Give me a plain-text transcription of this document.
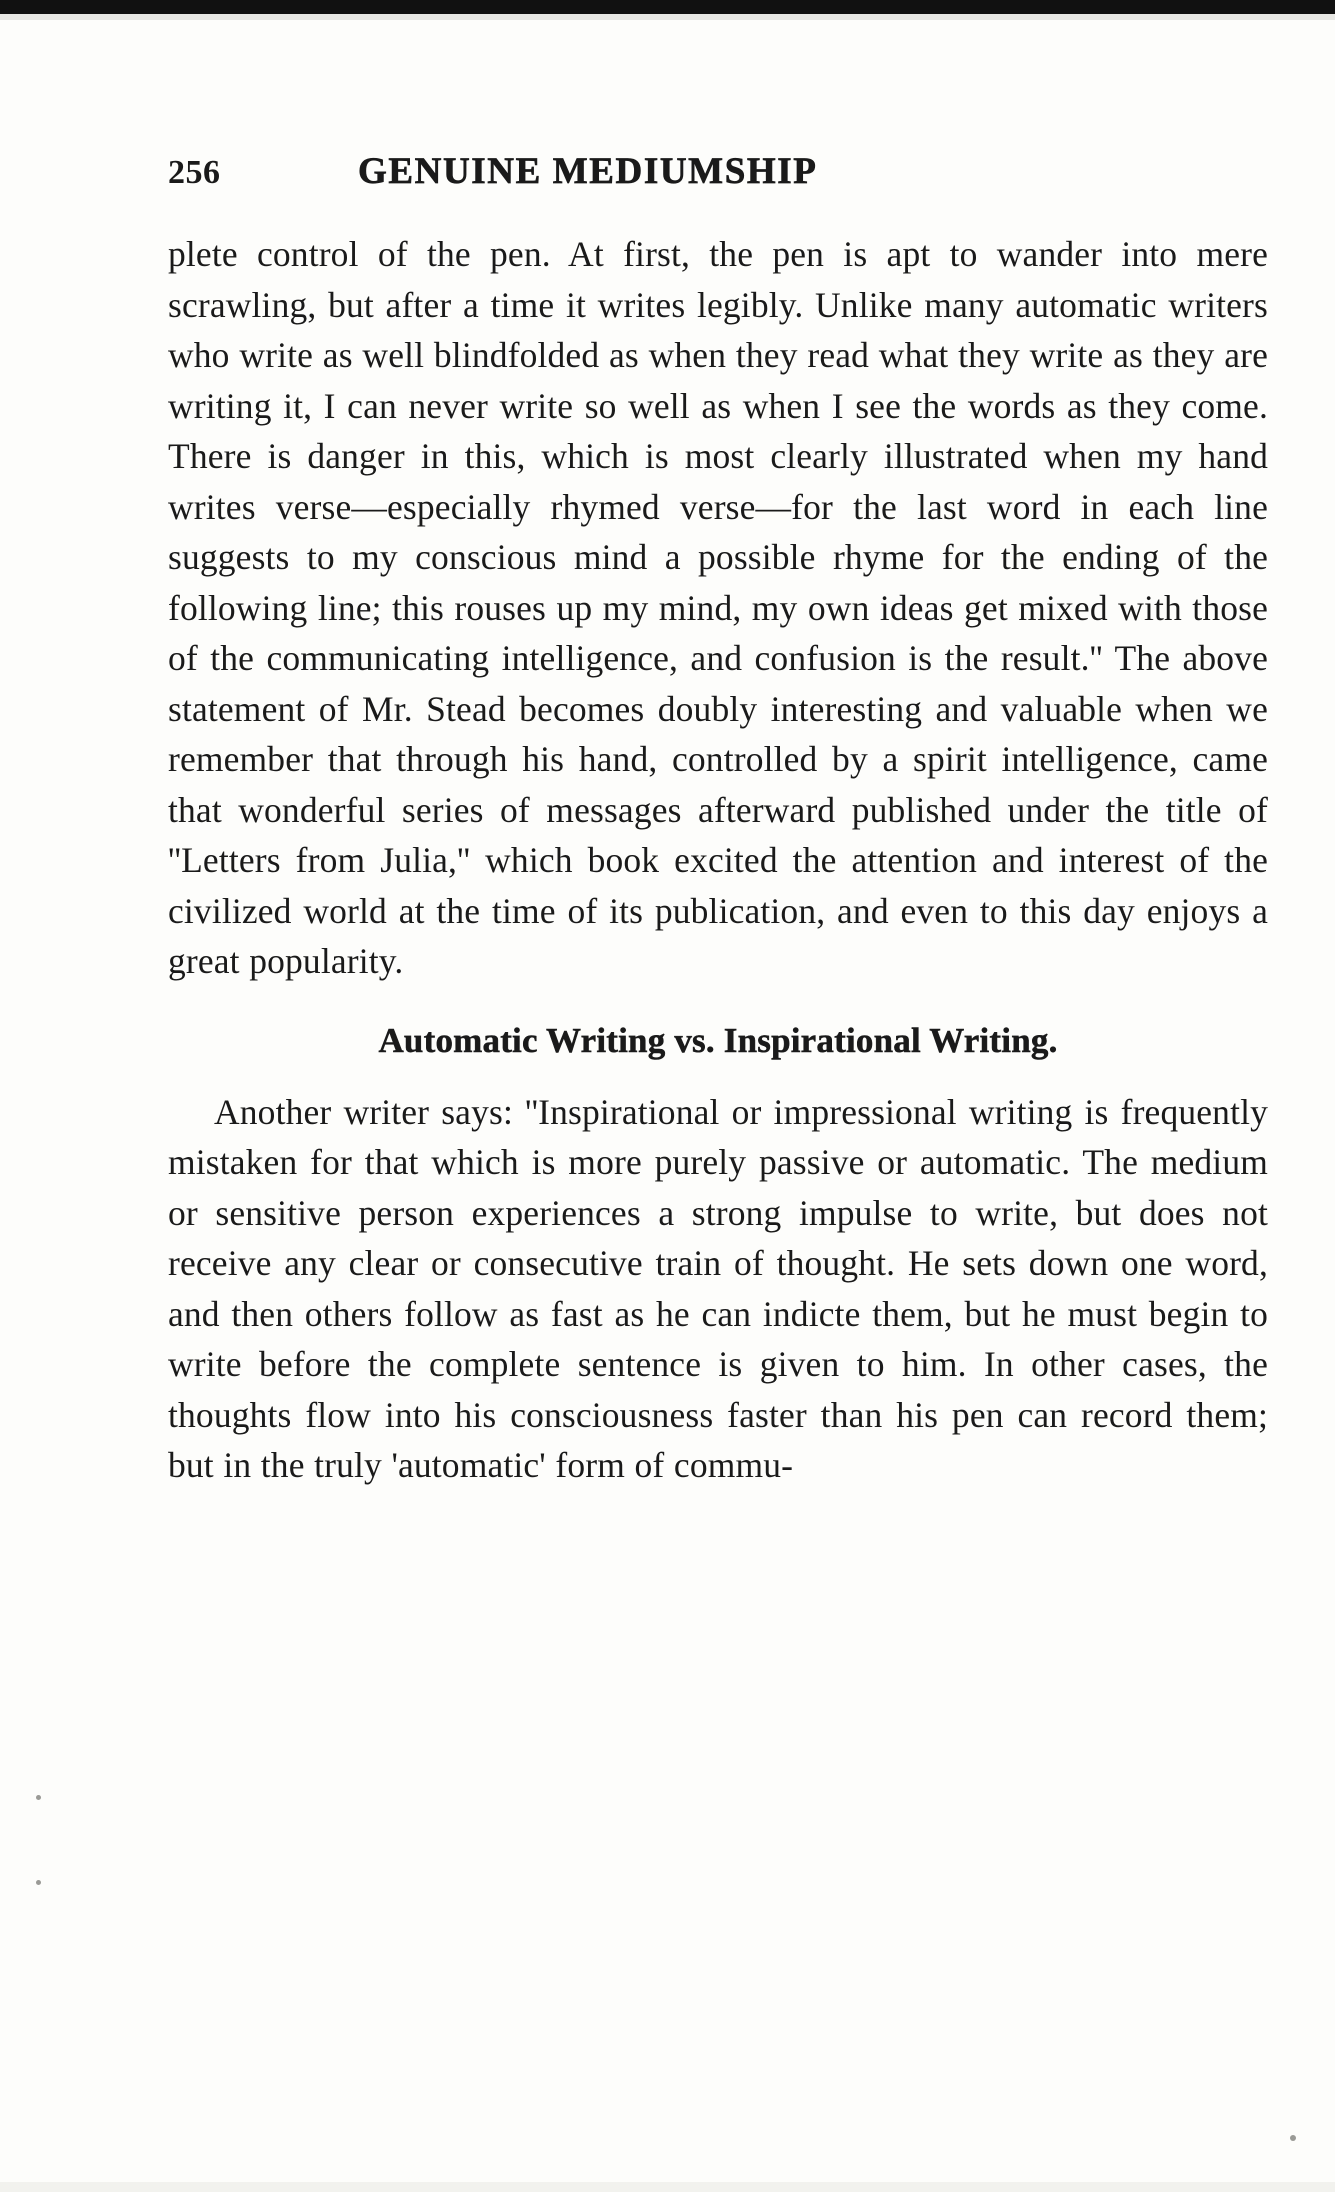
256	GENUINE MEDIUMSHIP

plete control of the pen. At first, the pen is apt to wander into mere scrawling, but after a time it writes legibly. Unlike many automatic writers who write as well blindfolded as when they read what they write as they are writing it, I can never write so well as when I see the words as they come. There is danger in this, which is most clearly illustrated when my hand writes verse—especially rhymed verse—for the last word in each line suggests to my conscious mind a possible rhyme for the ending of the following line; this rouses up my mind, my own ideas get mixed with those of the communicating intelligence, and confusion is the result.'' The above statement of Mr. Stead becomes doubly interesting and valuable when we remember that through his hand, controlled by a spirit intelligence, came that wonderful series of messages afterward published under the title of ''Letters from Julia,'' which book excited the attention and interest of the civilized world at the time of its publication, and even to this day enjoys a great popularity.

Automatic Writing vs. Inspirational Writing.

Another writer says: ''Inspirational or impressional writing is frequently mistaken for that which is more purely passive or automatic. The medium or sensitive person experiences a strong impulse to write, but does not receive any clear or consecutive train of thought. He sets down one word, and then others follow as fast as he can indicte them, but he must begin to write before the complete sentence is given to him. In other cases, the thoughts flow into his consciousness faster than his pen can record them; but in the truly 'automatic' form of commu-
